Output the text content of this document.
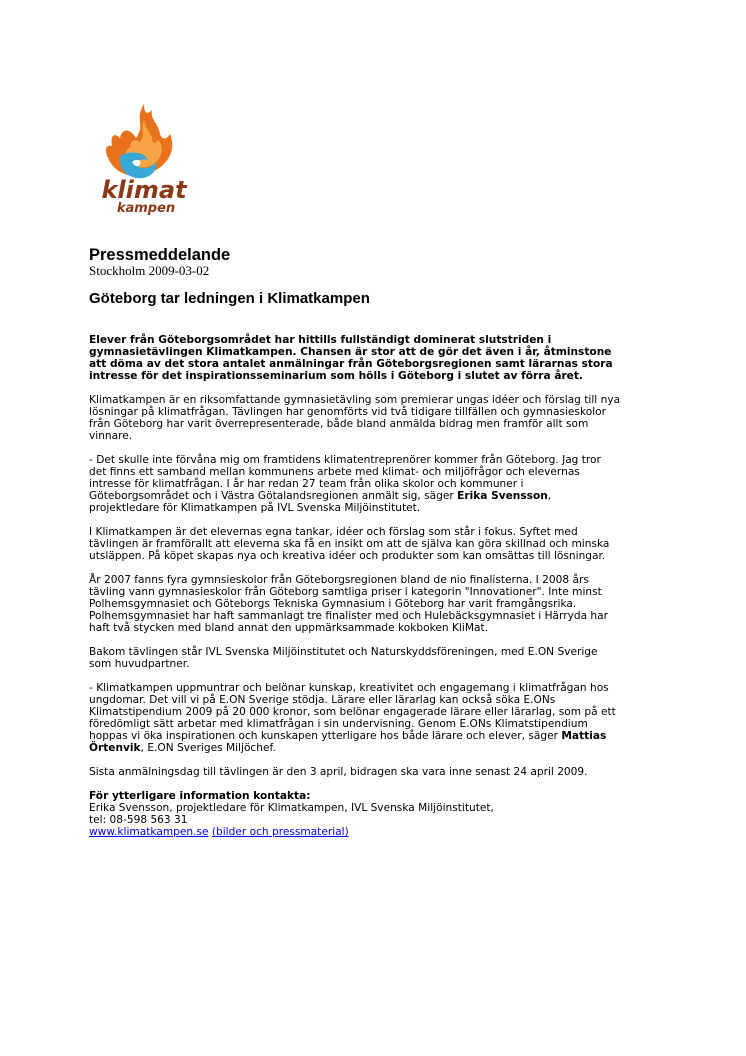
klimat
kampen
Pressmeddelande
Stockholm 2009-03-02
Göteborg tar ledningen i Klimatkampen

Elever från Göteborgsområdet har hittills fullständigt dominerat slutstriden i
gymnasietävlingen Klimatkampen. Chansen är stor att de gör det även i år, åtminstone
att döma av det stora antalet anmälningar från Göteborgsregionen samt lärarnas stora
intresse för det inspirationsseminarium som hölls i Göteborg i slutet av förra året.

Klimatkampen är en riksomfattande gymnasietävling som premierar ungas idéer och förslag till nya
lösningar på klimatfrågan. Tävlingen har genomförts vid två tidigare tillfällen och gymnasieskolor
från Göteborg har varit överrepresenterade, både bland anmälda bidrag men framför allt som
vinnare.

- Det skulle inte förvåna mig om framtidens klimatentreprenörer kommer från Göteborg. Jag tror
det finns ett samband mellan kommunens arbete med klimat- och miljöfrågor och elevernas
intresse för klimatfrågan. I år har redan 27 team från olika skolor och kommuner i
Göteborgsområdet och i Västra Götalandsregionen anmält sig, säger Erika Svensson,
projektledare för Klimatkampen på IVL Svenska Miljöinstitutet.

I Klimatkampen är det elevernas egna tankar, idéer och förslag som står i fokus. Syftet med
tävlingen är framförallt att eleverna ska få en insikt om att de själva kan göra skillnad och minska
utsläppen. På köpet skapas nya och kreativa idéer och produkter som kan omsättas till lösningar.

År 2007 fanns fyra gymnsieskolor från Göteborgsregionen bland de nio finalisterna. I 2008 års
tävling vann gymnasieskolor från Göteborg samtliga priser i kategorin "Innovationer". Inte minst
Polhemsgymnasiet och Göteborgs Tekniska Gymnasium i Göteborg har varit framgångsrika.
Polhemsgymnasiet har haft sammanlagt tre finalister med och Hulebäcksgymnasiet i Härryda har
haft två stycken med bland annat den uppmärksammade kokboken KliMat.

Bakom tävlingen står IVL Svenska Miljöinstitutet och Naturskyddsföreningen, med E.ON Sverige
som huvudpartner.

- Klimatkampen uppmuntrar och belönar kunskap, kreativitet och engagemang i klimatfrågan hos
ungdomar. Det vill vi på E.ON Sverige stödja. Lärare eller lärarlag kan också söka E.ONs
Klimatstipendium 2009 på 20 000 kronor, som belönar engagerade lärare eller lärarlag, som på ett
föredömligt sätt arbetar med klimatfrågan i sin undervisning. Genom E.ONs Klimatstipendium
hoppas vi öka inspirationen och kunskapen ytterligare hos både lärare och elever, säger Mattias
Örtenvik, E.ON Sveriges Miljöchef.

Sista anmälningsdag till tävlingen är den 3 april, bidragen ska vara inne senast 24 april 2009.

För ytterligare information kontakta:
Erika Svensson, projektledare för Klimatkampen, IVL Svenska Miljöinstitutet,
tel: 08-598 563 31
www.klimatkampen.se (bilder och pressmaterial)
